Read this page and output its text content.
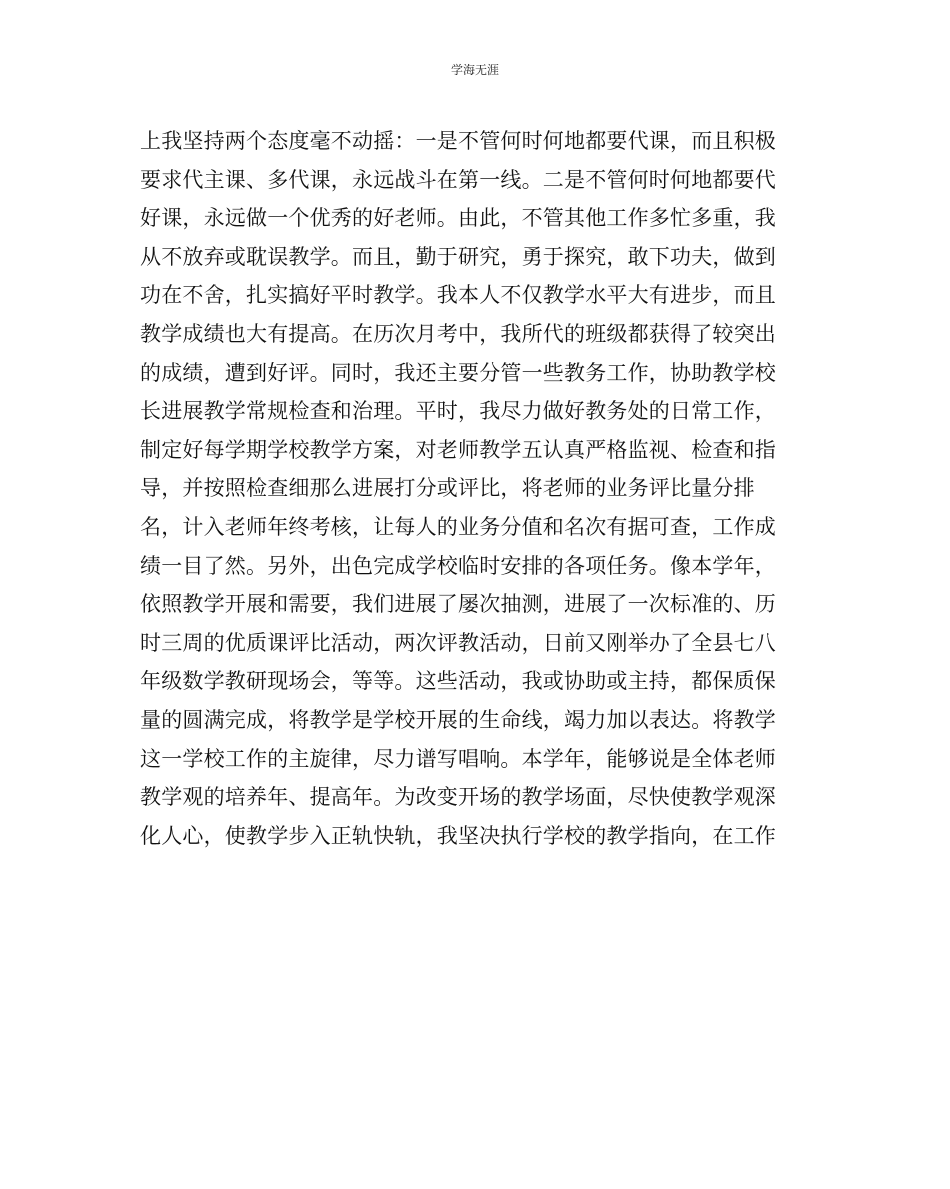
学海无涯
上我坚持两个态度毫不动摇：一是不管何时何地都要代课，而且积极
要求代主课、多代课，永远战斗在第一线。二是不管何时何地都要代
好课，永远做一个优秀的好老师。由此，不管其他工作多忙多重，我
从不放弃或耽误教学。而且，勤于研究，勇于探究，敢下功夫，做到
功在不舍，扎实搞好平时教学。我本人不仅教学水平大有进步，而且
教学成绩也大有提高。在历次月考中，我所代的班级都获得了较突出
的成绩，遭到好评。同时，我还主要分管一些教务工作，协助教学校
长进展教学常规检查和治理。平时，我尽力做好教务处的日常工作，
制定好每学期学校教学方案，对老师教学五认真严格监视、检查和指
导，并按照检查细那么进展打分或评比，将老师的业务评比量分排
名，计入老师年终考核，让每人的业务分值和名次有据可查，工作成
绩一目了然。另外，出色完成学校临时安排的各项任务。像本学年，
依照教学开展和需要，我们进展了屡次抽测，进展了一次标准的、历
时三周的优质课评比活动，两次评教活动，日前又刚举办了全县七八
年级数学教研现场会，等等。这些活动，我或协助或主持，都保质保
量的圆满完成，将教学是学校开展的生命线，竭力加以表达。将教学
这一学校工作的主旋律，尽力谱写唱响。本学年，能够说是全体老师
教学观的培养年、提高年。为改变开场的教学场面，尽快使教学观深
化人心，使教学步入正轨快轨，我坚决执行学校的教学指向，在工作
